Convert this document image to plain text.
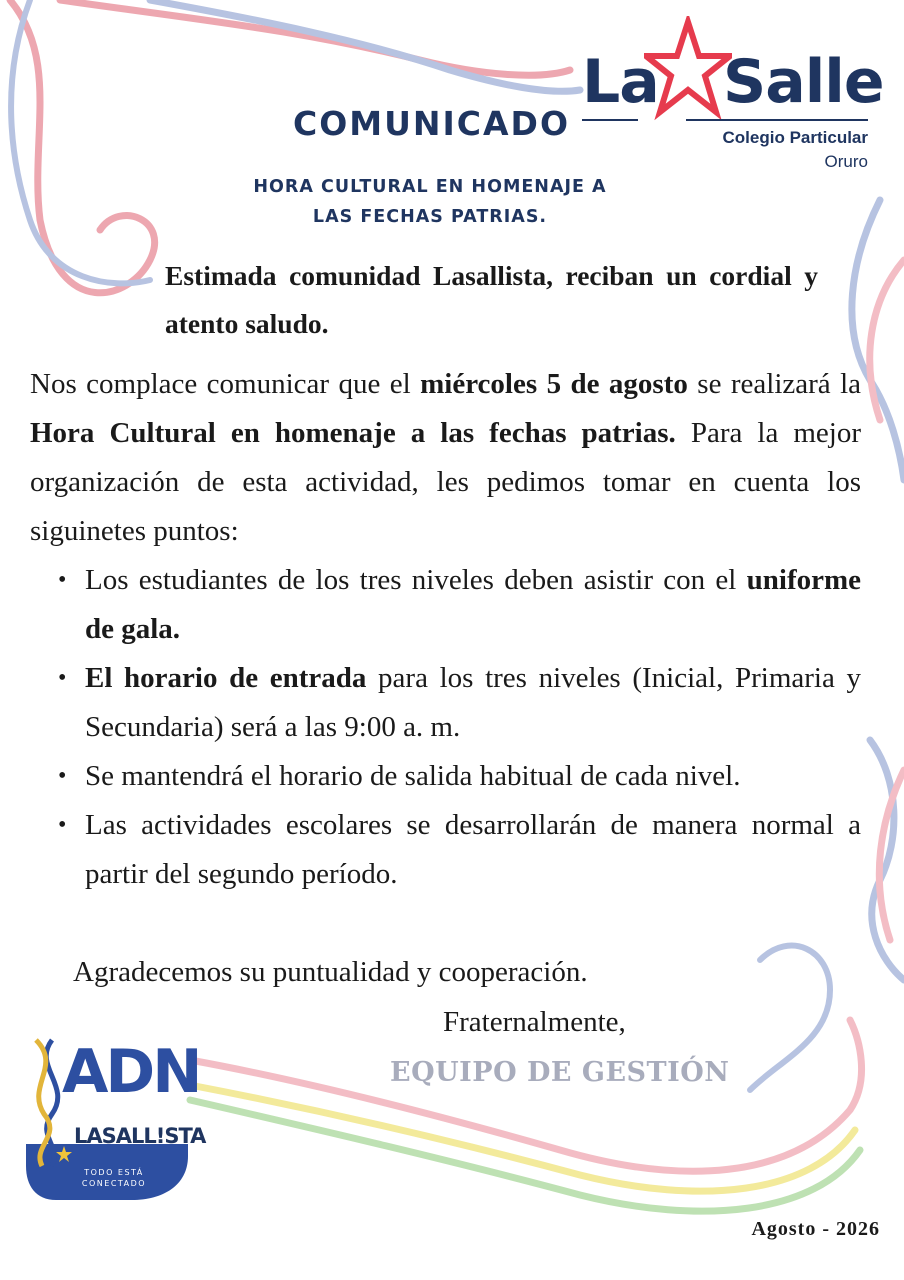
COMUNICADO
HORA CULTURAL EN HOMENAJE A
LAS FECHAS PATRIAS.
La Salle
Colegio Particular
Oruro
Estimada comunidad Lasallista, reciban un cordial y atento saludo.

Nos complace comunicar que el miércoles 5 de agosto se realizará la Hora Cultural en homenaje a las fechas patrias. Para la mejor organización de esta actividad, les pedimos tomar en cuenta los siguinetes puntos:

• Los estudiantes de los tres niveles deben asistir con el uniforme de gala.
• El horario de entrada para los tres niveles (Inicial, Primaria y Secundaria) será a las 9:00 a. m.
• Se mantendrá el horario de salida habitual de cada nivel.
• Las actividades escolares se desarrollarán de manera normal a partir del segundo período.
Agradecemos su puntualidad y cooperación.
Fraternalmente,
EQUIPO DE GESTIÓN
Agosto - 2026
ADN
LASALL!STA
TODO ESTÁ
CONECTADO
